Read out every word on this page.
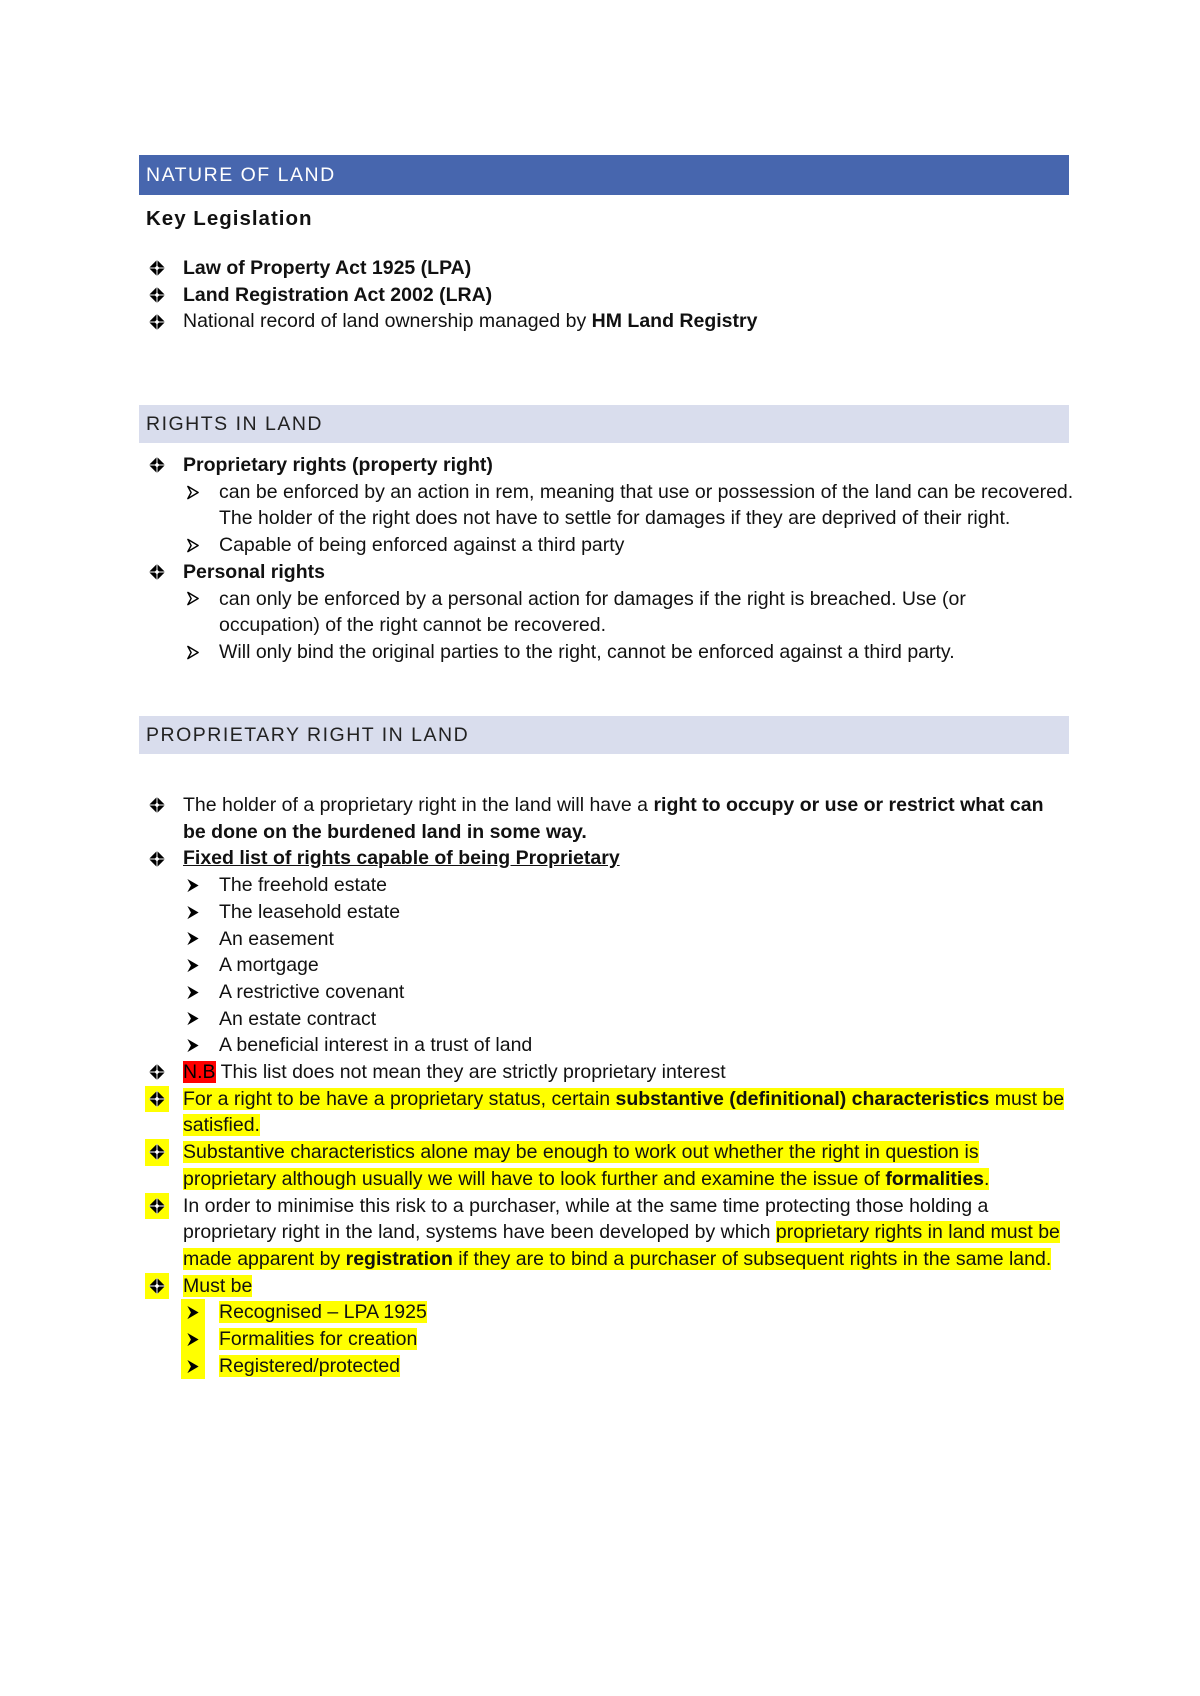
NATURE OF LAND
Key Legislation
Law of Property Act 1925 (LPA)
Land Registration Act 2002 (LRA)
National record of land ownership managed by HM Land Registry
RIGHTS IN LAND
Proprietary rights (property right)
can be enforced by an action in rem, meaning that use or possession of the land can be recovered. The holder of the right does not have to settle for damages if they are deprived of their right.
Capable of being enforced against a third party
Personal rights
can only be enforced by a personal action for damages if the right is breached. Use (or occupation) of the right cannot be recovered.
Will only bind the original parties to the right, cannot be enforced against a third party.
PROPRIETARY RIGHT IN LAND
The holder of a proprietary right in the land will have a right to occupy or use or restrict what can be done on the burdened land in some way.
Fixed list of rights capable of being Proprietary
The freehold estate
The leasehold estate
An easement
A mortgage
A restrictive covenant
An estate contract
A beneficial interest in a trust of land
N.B This list does not mean they are strictly proprietary interest
For a right to be have a proprietary status, certain substantive (definitional) characteristics must be satisfied.
Substantive characteristics alone may be enough to work out whether the right in question is proprietary although usually we will have to look further and examine the issue of formalities.
In order to minimise this risk to a purchaser, while at the same time protecting those holding a proprietary right in the land, systems have been developed by which proprietary rights in land must be made apparent by registration if they are to bind a purchaser of subsequent rights in the same land.
Must be
Recognised – LPA 1925
Formalities for creation
Registered/protected
